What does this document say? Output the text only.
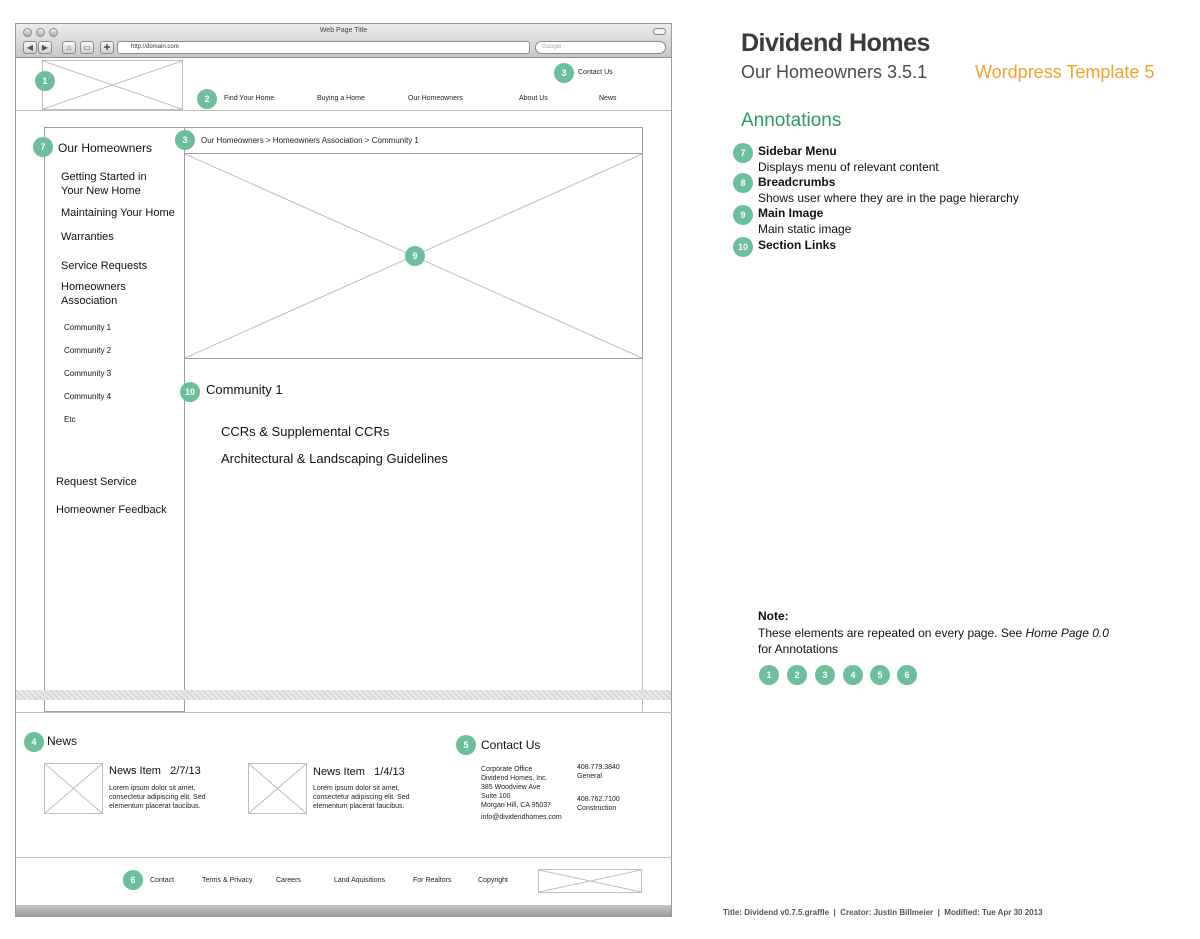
Web Page Title
◀	▶	⌂	▭	✚	http://domain.com	Google
1
3	Contact Us
2	Find Your Home	Buying a Home	Our Homeowners	About Us	News
7	Our Homeowners
Getting Started in
Your New Home
Maintaining Your Home
Warranties
Service Requests
Homeowners
Association
Community 1
Community 2
Community 3
Community 4
Etc
Request Service
Homeowner Feedback
3	Our Homeowners > Homeowners Association > Community 1
9
10 Community 1
CCRs & Supplemental CCRs
Architectural & Landscaping Guidelines
4 News
News Item 2/7/13
Lorem ipsum dolor sit amet,
consectetur adipiscing elit. Sed
elementum placerat faucibus.
News Item 1/4/13
Lorem ipsum dolor sit amet,
consectetur adipiscing elit. Sed
elementum placerat faucibus.
5	Contact Us
Corporate Office
Dividend Homes, Inc.
385 Woodview Ave
Suite 100
Morgan Hill, CA 95037
info@dividendhomes.com
408.779.3840
General
408.762.7100
Construction
6	Contact	Terms & Privacy	Careers	Land Aquisitions	For Realtors	Copyright
Dividend Homes
Our Homeowners 3.5.1	Wordpress Template 5
Annotations
7	Sidebar Menu
Displays menu of relevant content
8	Breadcrumbs
Shows user where they are in the page hierarchy
9	Main Image
Main static image
10 Section Links
Note:
These elements are repeated on every page. See Home Page 0.0
for Annotations
1	2	3	4	5	6
Title: Dividend v0.7.5.graffle  |  Creator: Justin Billmeier  |  Modified: Tue Apr 30 2013
